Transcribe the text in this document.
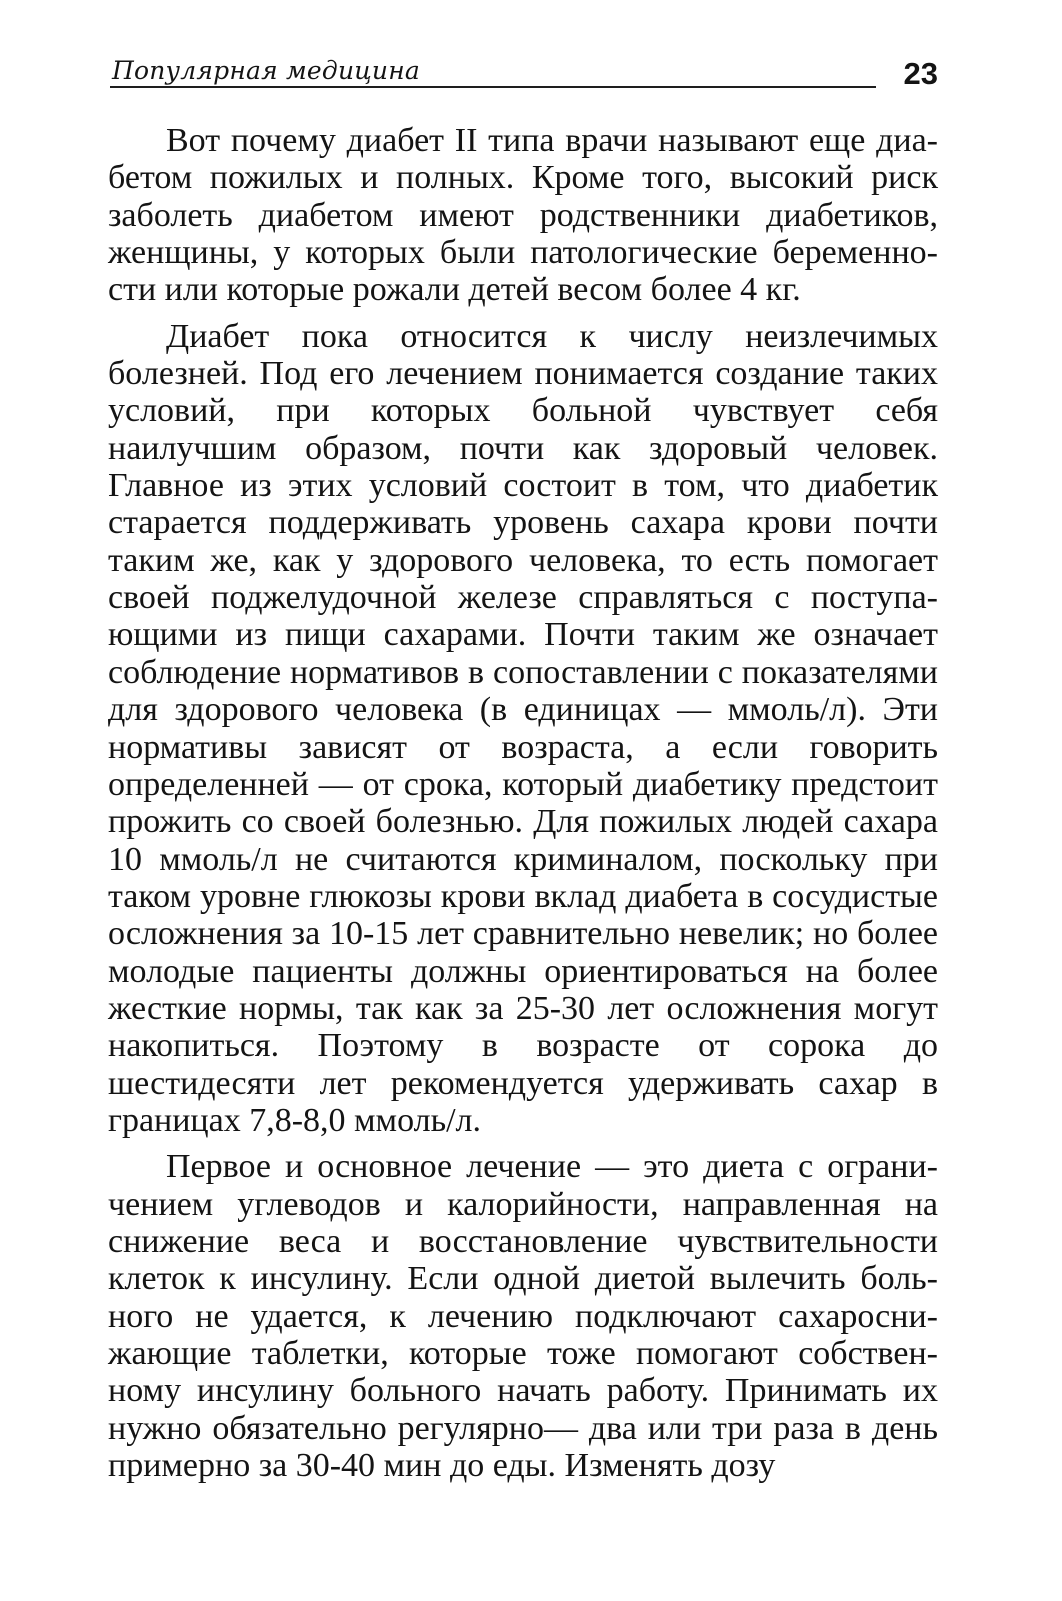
Популярная медицина	23

Вот почему диабет II типа врачи называют еще диабетом пожилых и полных. Кроме того, высокий риск заболеть диабетом имеют родственники диабетиков, женщины, у которых были патологические беременности или которые рожали детей весом более 4 кг.

Диабет пока относится к числу неизлечимых болезней. Под его лечением понимается создание таких условий, при которых больной чувствует себя наилучшим образом, почти как здоровый человек. Главное из этих условий состоит в том, что диабетик старается поддерживать уровень сахара крови почти таким же, как у здорового человека, то есть помогает своей поджелудочной железе справляться с поступающими из пищи сахарами. Почти таким же означает соблюдение нормативов в сопоставлении с показателями для здорового человека (в единицах — ммоль/л). Эти нормативы зависят от возраста, а если говорить определенней — от срока, который диабетику предстоит прожить со своей болезнью. Для пожилых людей сахара 10 ммоль/л не считаются криминалом, поскольку при таком уровне глюкозы крови вклад диабета в сосудистые осложнения за 10-15 лет сравнительно невелик; но более молодые пациенты должны ориентироваться на более жесткие нормы, так как за 25-30 лет осложнения могут накопиться. Поэтому в возрасте от сорока до шестидесяти лет рекомендуется удерживать сахар в границах 7,8-8,0 ммоль/л.

Первое и основное лечение — это диета с ограничением углеводов и калорийности, направленная на снижение веса и восстановление чувствительности клеток к инсулину. Если одной диетой вылечить больного не удается, к лечению подключают сахароснижающие таблетки, которые тоже помогают собственному инсулину больного начать работу. Принимать их нужно обязательно регулярно— два или три раза в день примерно за 30-40 мин до еды. Изменять дозу
